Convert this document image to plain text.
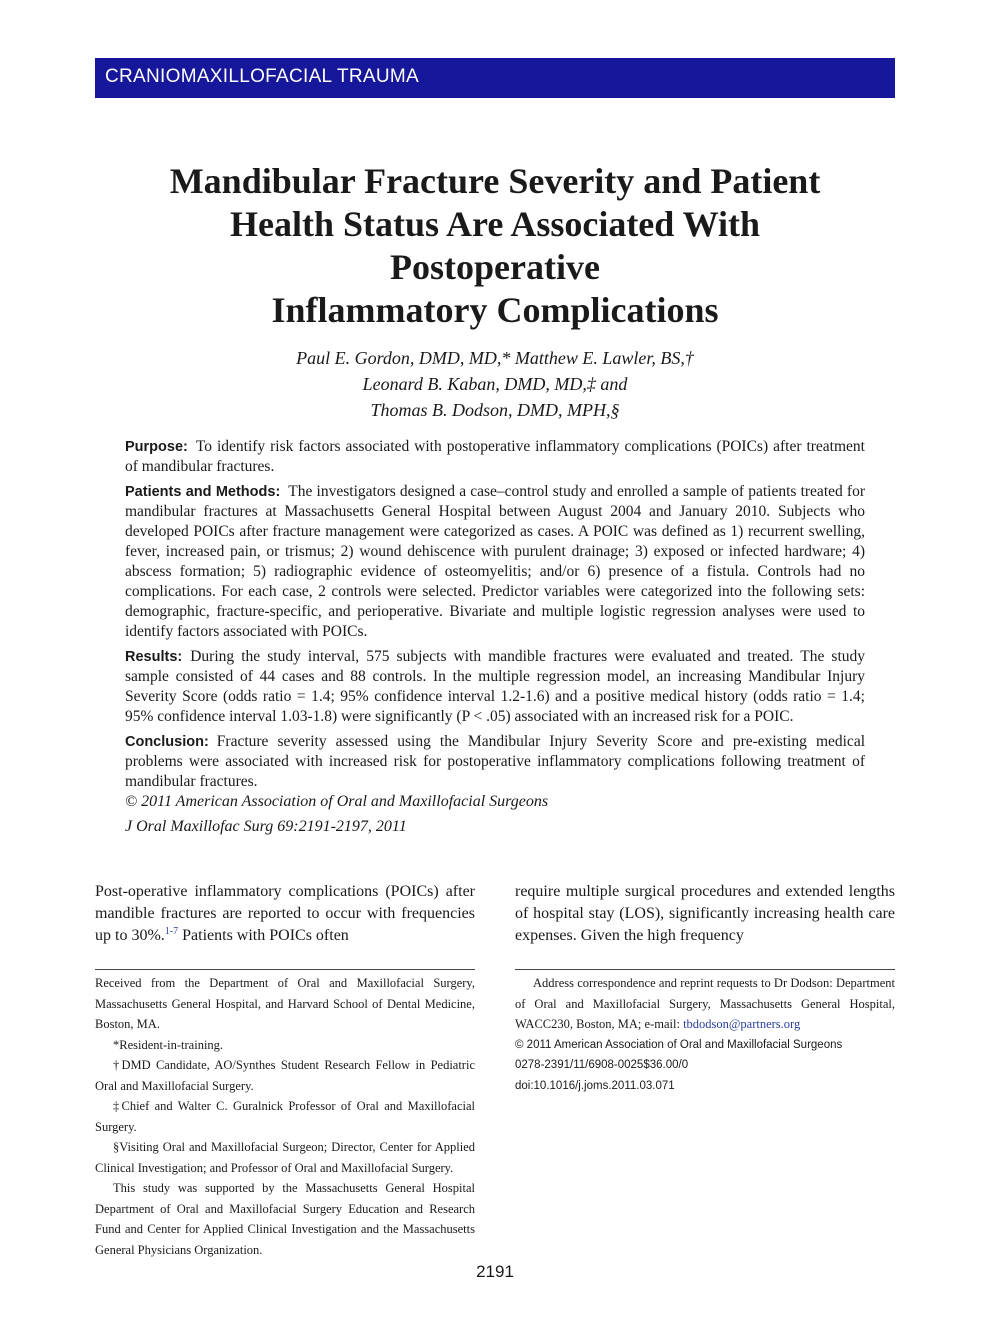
CRANIOMAXILLOFACIAL TRAUMA
Mandibular Fracture Severity and Patient
Health Status Are Associated With
Postoperative
Inflammatory Complications
Paul E. Gordon, DMD, MD,* Matthew E. Lawler, BS,†
Leonard B. Kaban, DMD, MD,‡ and
Thomas B. Dodson, DMD, MPH,§

Purpose: To identify risk factors associated with postoperative inflammatory complications (POICs) after treatment of mandibular fractures.

Patients and Methods: The investigators designed a case–control study and enrolled a sample of patients treated for mandibular fractures at Massachusetts General Hospital between August 2004 and January 2010. Subjects who developed POICs after fracture management were categorized as cases. A POIC was defined as 1) recurrent swelling, fever, increased pain, or trismus; 2) wound dehiscence with purulent drainage; 3) exposed or infected hardware; 4) abscess formation; 5) radiographic evidence of osteomyelitis; and/or 6) presence of a fistula. Controls had no complications. For each case, 2 controls were selected. Predictor variables were categorized into the following sets: demographic, fracture-specific, and perioperative. Bivariate and multiple logistic regression analyses were used to identify factors associated with POICs.

Results: During the study interval, 575 subjects with mandible fractures were evaluated and treated. The study sample consisted of 44 cases and 88 controls. In the multiple regression model, an increasing Mandibular Injury Severity Score (odds ratio = 1.4; 95% confidence interval 1.2-1.6) and a positive medical history (odds ratio = 1.4; 95% confidence interval 1.03-1.8) were significantly (P < .05) associated with an increased risk for a POIC.

Conclusion: Fracture severity assessed using the Mandibular Injury Severity Score and pre-existing medical problems were associated with increased risk for postoperative inflammatory complications following treatment of mandibular fractures.

© 2011 American Association of Oral and Maxillofacial Surgeons

J Oral Maxillofac Surg 69:2191-2197, 2011

Post-operative inflammatory complications (POICs) after mandible fractures are reported to occur with frequencies up to 30%.$^{1-7}$ Patients with POICs often

require multiple surgical procedures and extended lengths of hospital stay (LOS), significantly increasing health care expenses. Given the high frequency

Received from the Department of Oral and Maxillofacial Surgery, Massachusetts General Hospital, and Harvard School of Dental Medicine, Boston, MA.

*Resident-in-training.

†DMD Candidate, AO/Synthes Student Research Fellow in Pediatric Oral and Maxillofacial Surgery.

‡Chief and Walter C. Guralnick Professor of Oral and Maxillofacial Surgery.

§Visiting Oral and Maxillofacial Surgeon; Director, Center for Applied Clinical Investigation; and Professor of Oral and Maxillofacial Surgery.

This study was supported by the Massachusetts General Hospital Department of Oral and Maxillofacial Surgery Education and Research Fund and Center for Applied Clinical Investigation and the Massachusetts General Physicians Organization.

Address correspondence and reprint requests to Dr Dodson: Department of Oral and Maxillofacial Surgery, Massachusetts General Hospital, WACC230, Boston, MA; e-mail: tbdodson@partners.org

© 2011 American Association of Oral and Maxillofacial Surgeons

0278-2391/11/6908-0025$36.00/0

doi:10.1016/j.joms.2011.03.071

2191
